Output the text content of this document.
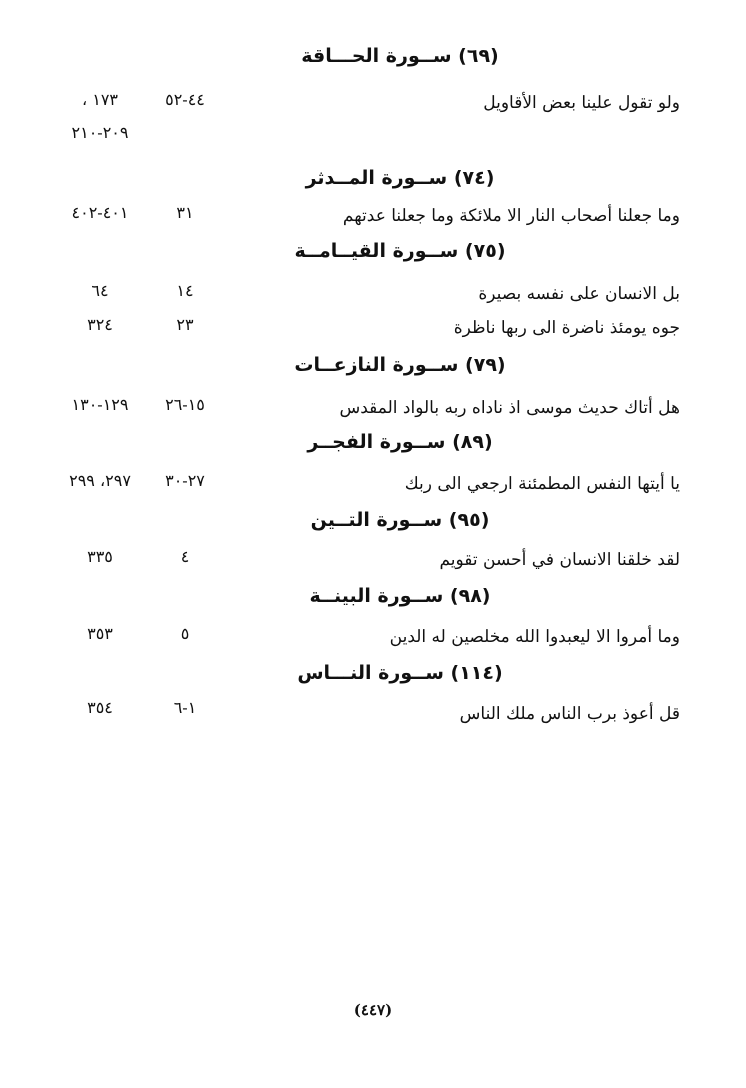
(٦٩) ســورة الحـــاقة
ولو تقول علينا بعض الأقاويل
٤٤-٥٢
١٧٣ ،
٢٠٩-٢١٠
(٧٤) ســورة المــدثر
وما جعلنا أصحاب النار الا ملائكة وما جعلنا عدتهم
٣١
٤٠١-٤٠٢
(٧٥) ســورة القيــامــة
بل الانسان على نفسه بصيرة
١٤
٦٤
جوه يومئذ ناضرة الى ربها ناظرة
٢٣
٣٢٤
(٧٩) ســورة النازعــات
هل أتاك حديث موسى اذ ناداه ربه بالواد المقدس
١٥-٢٦
١٢٩-١٣٠
(٨٩) ســورة الفجــر
يا أيتها النفس المطمئنة ارجعي الى ربك
٢٧-٣٠
٢٩٧، ٢٩٩
(٩٥) ســورة التــين
لقد خلقنا الانسان في أحسن تقويم
٤
٣٣٥
(٩٨) ســورة البينــة
وما أمروا الا ليعبدوا الله مخلصين له الدين
٥
٣٥٣
(١١٤) ســورة النـــاس
قل أعوذ برب الناس ملك الناس
١-٦
٣٥٤
(٤٤٧)
